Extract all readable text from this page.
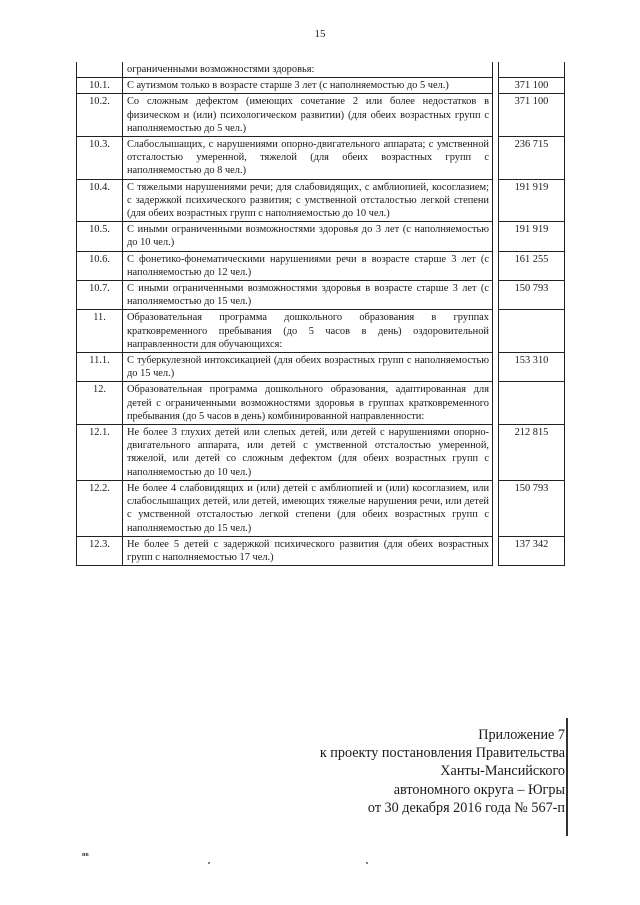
15
	ограниченными возможностями здоровья:		
10.1.	С аутизмом только в возрасте старше 3 лет (с наполняемостью до 5 чел.)		371 100
10.2.	Со сложным дефектом (имеющих сочетание 2 или более недостатков в физическом и (или) психологическом развитии) (для обеих возрастных групп с наполняемостью до 5 чел.)		371 100
10.3.	Слабослышащих, с нарушениями опорно-двигательного аппарата; с умственной отсталостью умеренной, тяжелой (для обеих возрастных групп с наполняемостью до 8 чел.)		236 715
10.4.	С тяжелыми нарушениями речи; для слабовидящих, с амблиопией, косоглазием; с задержкой психического развития; с умственной отсталостью легкой степени (для обеих возрастных групп с наполняемостью до 10 чел.)		191 919
10.5.	С иными ограниченными возможностями здоровья до 3 лет (с наполняемостью до 10 чел.)		191 919
10.6.	С фонетико-фонематическими нарушениями речи в возрасте старше 3 лет (с наполняемостью до 12 чел.)		161 255
10.7.	С иными ограниченными возможностями здоровья в возрасте старше 3 лет (с наполняемостью до 15 чел.)		150 793
11.	Образовательная программа дошкольного образования в группах кратковременного пребывания (до 5 часов в день) оздоровительной направленности для обучающихся:		
11.1.	С туберкулезной интоксикацией (для обеих возрастных групп с наполняемостью до 15 чел.)		153 310
12.	Образовательная программа дошкольного образования, адаптированная для детей с ограниченными возможностями здоровья в группах кратковременного пребывания (до 5 часов в день) комбинированной направленности:		
12.1.	Не более 3 глухих детей или слепых детей, или детей с нарушениями опорно-двигательного аппарата, или детей с умственной отсталостью умеренной, тяжелой, или детей со сложным дефектом (для обеих возрастных групп с наполняемостью до 10 чел.)		212 815
12.2.	Не более 4 слабовидящих и (или) детей с амблиопией и (или) косоглазием, или слабослышащих детей, или детей, имеющих тяжелые нарушения речи, или детей с умственной отсталостью легкой степени (для обеих возрастных групп с наполняемостью до 15 чел.)		150 793
12.3.	Не более 5 детей с задержкой психического развития (для обеих возрастных групп с наполняемостью 17 чел.)		137 342
Приложение 7
к проекту постановления Правительства
Ханты-Мансийского
автономного округа – Югры
от 30 декабря 2016 года № 567-п
нв
